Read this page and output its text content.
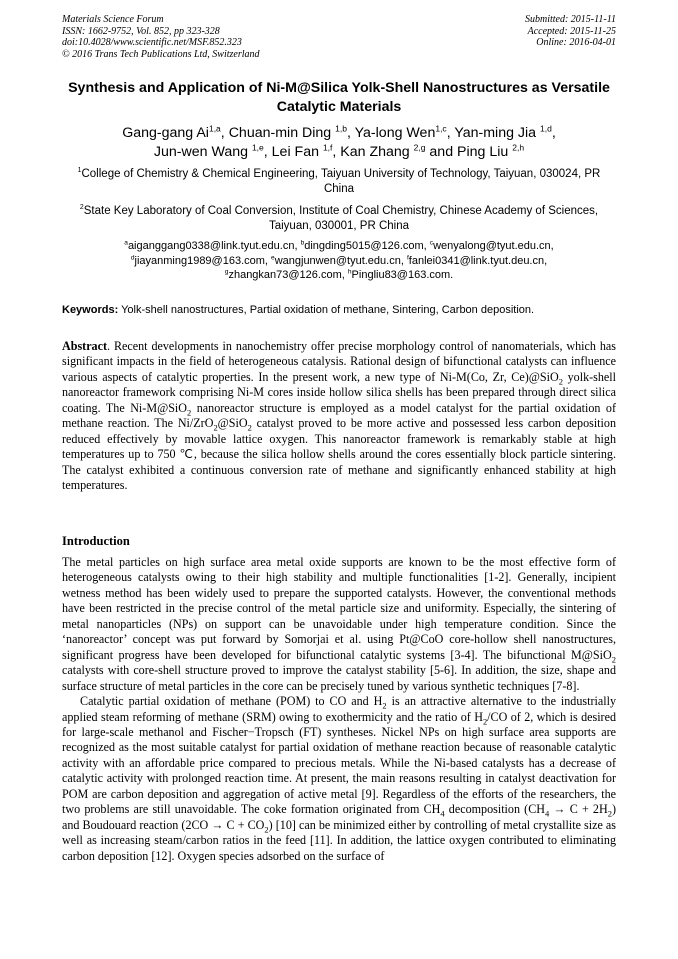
Materials Science Forum
ISSN: 1662-9752, Vol. 852, pp 323-328
doi:10.4028/www.scientific.net/MSF.852.323
© 2016 Trans Tech Publications Ltd, Switzerland
Submitted: 2015-11-11
Accepted: 2015-11-25
Online: 2016-04-01
Synthesis and Application of Ni-M@Silica Yolk-Shell Nanostructures as Versatile Catalytic Materials
Gang-gang Ai$^{1,a}$, Chuan-min Ding $^{1,b}$, Ya-long Wen$^{1,c}$, Yan-ming Jia $^{1,d}$,
Jun-wen Wang $^{1,e}$, Lei Fan $^{1,f}$, Kan Zhang $^{2,g}$ and Ping Liu $^{2,h}$
$^1$College of Chemistry & Chemical Engineering, Taiyuan University of Technology, Taiyuan, 030024, PR China
$^2$State Key Laboratory of Coal Conversion, Institute of Coal Chemistry, Chinese Academy of Sciences, Taiyuan, 030001, PR China
$^a$aiganggang0338@link.tyut.edu.cn, $^b$dingding5015@126.com, $^c$wenyalong@tyut.edu.cn,
$^d$jiayanming1989@163.com, $^e$wangjunwen@tyut.edu.cn, $^f$fanlei0341@link.tyut.deu.cn,
$^g$zhangkan73@126.com, $^h$Pingliu83@163.com.
Keywords: Yolk-shell nanostructures, Partial oxidation of methane, Sintering, Carbon deposition.
Abstract. Recent developments in nanochemistry offer precise morphology control of nanomaterials, which has significant impacts in the field of heterogeneous catalysis. Rational design of bifunctional catalysts can influence various aspects of catalytic properties. In the present work, a new type of Ni-M(Co, Zr, Ce)@SiO$_2$ yolk-shell nanoreactor framework comprising Ni-M cores inside hollow silica shells has been prepared through direct silica coating. The Ni-M@SiO$_2$ nanoreactor structure is employed as a model catalyst for the partial oxidation of methane reaction. The Ni/ZrO$_2$@SiO$_2$ catalyst proved to be more active and possessed less carbon deposition reduced effectively by movable lattice oxygen. This nanoreactor framework is remarkably stable at high temperatures up to 750 ℃, because the silica hollow shells around the cores essentially block particle sintering. The catalyst exhibited a continuous conversion rate of methane and significantly enhanced stability at high temperatures.
Introduction

The metal particles on high surface area metal oxide supports are known to be the most effective form of heterogeneous catalysts owing to their high stability and multiple functionalities [1-2]. Generally, incipient wetness method has been widely used to prepare the supported catalysts. However, the conventional methods have been restricted in the precise control of the metal particle size and uniformity. Especially, the sintering of metal nanoparticles (NPs) on support can be unavoidable under high temperature condition. Since the ‘nanoreactor’ concept was put forward by Somorjai et al. using Pt@CoO core-hollow shell nanostructures, significant progress have been developed for bifunctional catalytic systems [3-4]. The bifunctional M@SiO$_2$ catalysts with core-shell structure proved to improve the catalyst stability [5-6]. In addition, the size, shape and surface structure of metal particles in the core can be precisely tuned by various synthetic techniques [7-8].

Catalytic partial oxidation of methane (POM) to CO and $H_2$ is an attractive alternative to the industrially applied steam reforming of methane (SRM) owing to exothermicity and the ratio of $H_2/CO$ of 2, which is desired for large-scale methanol and Fischer−Tropsch (FT) syntheses. Nickel NPs on high surface area supports are recognized as the most suitable catalyst for partial oxidation of methane reaction because of reasonable catalytic activity with an affordable price compared to precious metals. While the Ni-based catalysts has a decrease of catalytic activity with prolonged reaction time. At present, the main reasons resulting in catalyst deactivation for POM are carbon deposition and aggregation of active metal [9]. Regardless of the efforts of the researchers, the two problems are still unavoidable. The coke formation originated from $CH_4$ decomposition $(CH_4 \to C + 2H_2)$ and Boudouard reaction $(2CO \to C + CO_2)$ [10] can be minimized either by controlling of metal crystallite size as well as increasing steam/carbon ratios in the feed [11]. In addition, the lattice oxygen contributed to eliminating carbon deposition [12]. Oxygen species adsorbed on the surface of
